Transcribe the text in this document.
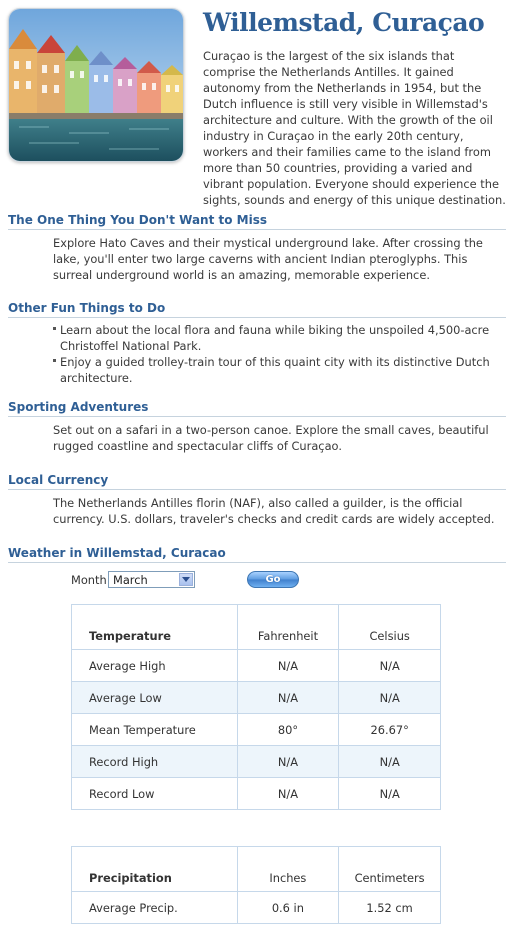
Willemstad, Curaçao

Curaçao is the largest of the six islands that comprise the Netherlands Antilles. It gained autonomy from the Netherlands in 1954, but the Dutch influence is still very visible in Willemstad's architecture and culture. With the growth of the oil industry in Curaçao in the early 20th century, workers and their families came to the island from more than 50 countries, providing a varied and vibrant population. Everyone should experience the sights, sounds and energy of this unique destination.

The One Thing You Don't Want to Miss

Explore Hato Caves and their mystical underground lake. After crossing the lake, you'll enter two large caverns with ancient Indian pteroglyphs. This surreal underground world is an amazing, memorable experience.

Other Fun Things to Do
Learn about the local flora and fauna while biking the unspoiled 4,500-acre Christoffel National Park.
Enjoy a guided trolley-train tour of this quaint city with its distinctive Dutch architecture.
Sporting Adventures

Set out on a safari in a two-person canoe. Explore the small caves, beautiful rugged coastline and spectacular cliffs of Curaçao.

Local Currency

The Netherlands Antilles florin (NAF), also called a guilder, is the official currency. U.S. dollars, traveler's checks and credit cards are widely accepted.

Weather in Willemstad, Curacao
Month March	Go
Temperature	Fahrenheit	Celsius
Average High	N/A	N/A
Average Low	N/A	N/A
Mean Temperature	80°	26.67°
Record High	N/A	N/A
Record Low	N/A	N/A
Precipitation	Inches	Centimeters
Average Precip.	0.6 in	1.52 cm
